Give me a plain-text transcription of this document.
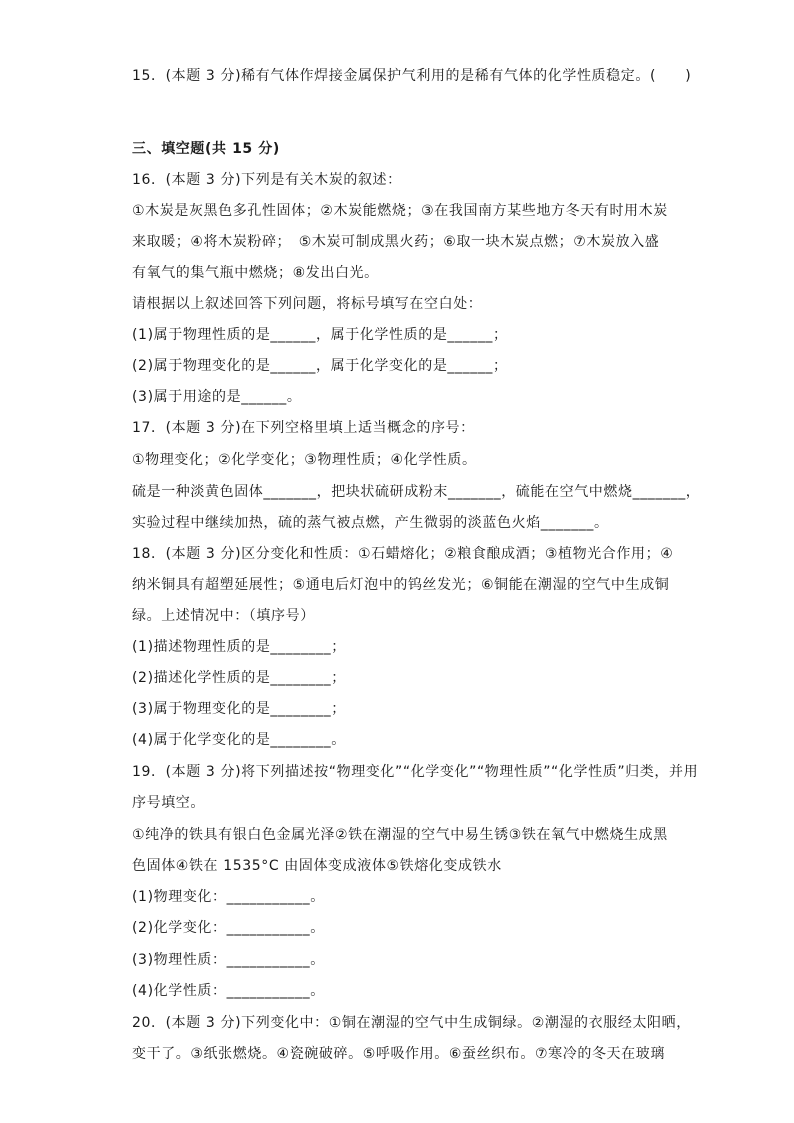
15．(本题 3 分)稀有气体作焊接金属保护气利用的是稀有气体的化学性质稳定。(　　)
三、填空题(共 15 分)
16．(本题 3 分)下列是有关木炭的叙述：
①木炭是灰黑色多孔性固体；②木炭能燃烧；③在我国南方某些地方冬天有时用木炭
来取暖；④将木炭粉碎；　⑤木炭可制成黑火药；⑥取一块木炭点燃；⑦木炭放入盛
有氧气的集气瓶中燃烧；⑧发出白光。
请根据以上叙述回答下列问题，将标号填写在空白处：
(1)属于物理性质的是______，属于化学性质的是______；
(2)属于物理变化的是______，属于化学变化的是______；
(3)属于用途的是______。
17．(本题 3 分)在下列空格里填上适当概念的序号：
①物理变化；②化学变化；③物理性质；④化学性质。
硫是一种淡黄色固体_______，把块状硫研成粉末_______，硫能在空气中燃烧_______，
实验过程中继续加热，硫的蒸气被点燃，产生微弱的淡蓝色火焰_______。
18．(本题 3 分)区分变化和性质：①石蜡熔化；②粮食酿成酒；③植物光合作用；④
纳米铜具有超塑延展性；⑤通电后灯泡中的钨丝发光；⑥铜能在潮湿的空气中生成铜
绿。上述情况中：（填序号）
(1)描述物理性质的是________；
(2)描述化学性质的是________；
(3)属于物理变化的是________；
(4)属于化学变化的是________。
19．(本题 3 分)将下列描述按“物理变化”“化学变化”“物理性质”“化学性质”归类，并用
序号填空。
①纯净的铁具有银白色金属光泽②铁在潮湿的空气中易生锈③铁在氧气中燃烧生成黑
色固体④铁在 1535°C 由固体变成液体⑤铁熔化变成铁水
(1)物理变化：___________。
(2)化学变化：___________。
(3)物理性质：___________。
(4)化学性质：___________。
20．(本题 3 分)下列变化中：①铜在潮湿的空气中生成铜绿。②潮湿的衣服经太阳晒，
变干了。③纸张燃烧。④瓷碗破碎。⑤呼吸作用。⑥蚕丝织布。⑦寒冷的冬天在玻璃
